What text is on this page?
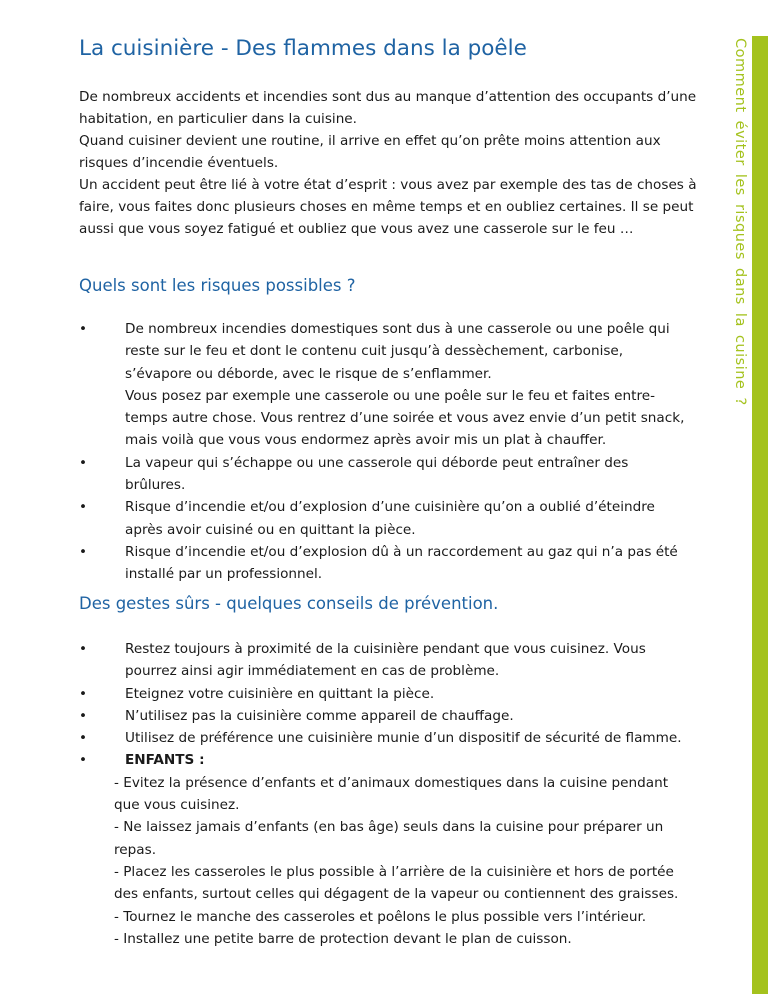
La cuisinière - Des flammes dans la poêle

De nombreux accidents et incendies sont dus au manque d’attention des occupants d’une habitation, en particulier dans la cuisine.

Quand cuisiner devient une routine, il arrive en effet qu’on prête moins attention aux risques d’incendie éventuels.

Un accident peut être lié à votre état d’esprit : vous avez par exemple des tas de choses à faire, vous faites donc plusieurs choses en même temps et en oubliez certaines. Il se peut aussi que vous soyez fatigué et oubliez que vous avez une casserole sur le feu …

Quels sont les risques possibles ?
•	De nombreux incendies domestiques sont dus à une casserole ou une poêle qui reste sur le feu et dont le contenu cuit jusqu’à dessèchement, carbonise, s’évapore ou déborde, avec le risque de s’enflammer.

Vous posez par exemple une casserole ou une poêle sur le feu et faites entre-temps autre chose. Vous rentrez d’une soirée et vous avez envie d’un petit snack, mais voilà que vous vous endormez après avoir mis un plat à chauffer.

•	La vapeur qui s’échappe ou une casserole qui déborde peut entraîner des brûlures.

•	Risque d’incendie et/ou d’explosion d’une cuisinière qu’on a oublié d’éteindre après avoir cuisiné ou en quittant la pièce.

•	Risque d’incendie et/ou d’explosion dû à un raccordement au gaz qui n’a pas été installé par un professionnel.

Des gestes sûrs - quelques conseils de prévention.
•	Restez toujours à proximité de la cuisinière pendant que vous cuisinez. Vous pourrez ainsi agir immédiatement en cas de problème.

•	Eteignez votre cuisinière en quittant la pièce.

•	N’utilisez pas la cuisinière comme appareil de chauffage.

•	Utilisez de préférence une cuisinière munie d’un dispositif de sécurité de flamme.

•	ENFANTS :

- Evitez la présence d’enfants et d’animaux domestiques dans la cuisine pendant que vous cuisinez.

- Ne laissez jamais d’enfants (en bas âge) seuls dans la cuisine pour préparer un repas.

- Placez les casseroles le plus possible à l’arrière de la cuisinière et hors de portée des enfants, surtout celles qui dégagent de la vapeur ou contiennent des graisses.

- Tournez le manche des casseroles et poêlons le plus possible vers l’intérieur.

- Installez une petite barre de protection devant le plan de cuisson.

Comment éviter les risques dans la cuisine ?
